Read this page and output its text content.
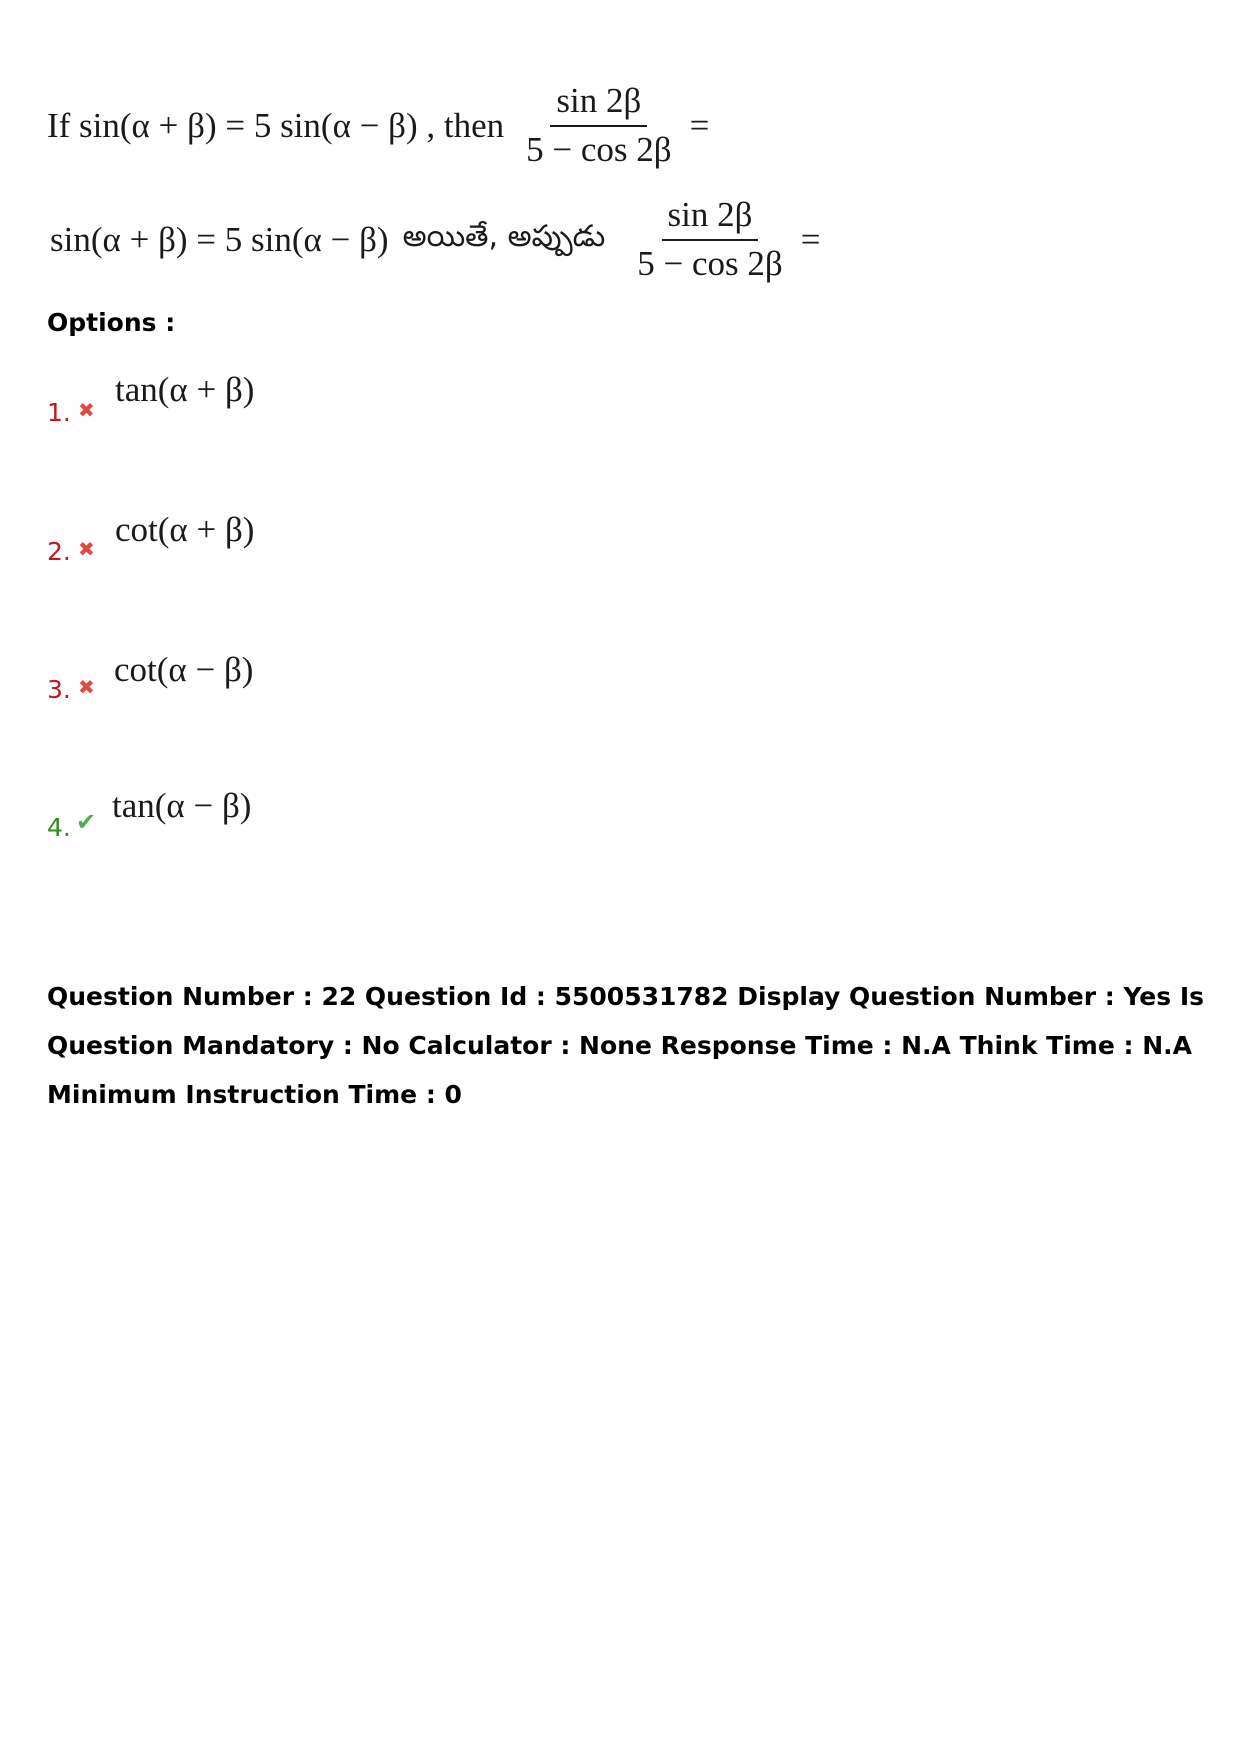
If sin(α + β) = 5 sin(α − β) , then $\frac{\sin 2\beta}{5 - \cos 2\beta}$ =
sin(α + β) = 5 sin(α − β) అయితే, అప్పుడు $\frac{\sin 2\beta}{5 - \cos 2\beta}$ =
Options :
1. ✖
tan(α + β)
2. ✖ cot(α + β)
3. ✖ cot(α − β)
4. ✔ tan(α − β)
Question Number : 22 Question Id : 5500531782 Display Question Number : Yes Is Question Mandatory : No Calculator : None Response Time : N.A Think Time : N.A Minimum Instruction Time : 0
